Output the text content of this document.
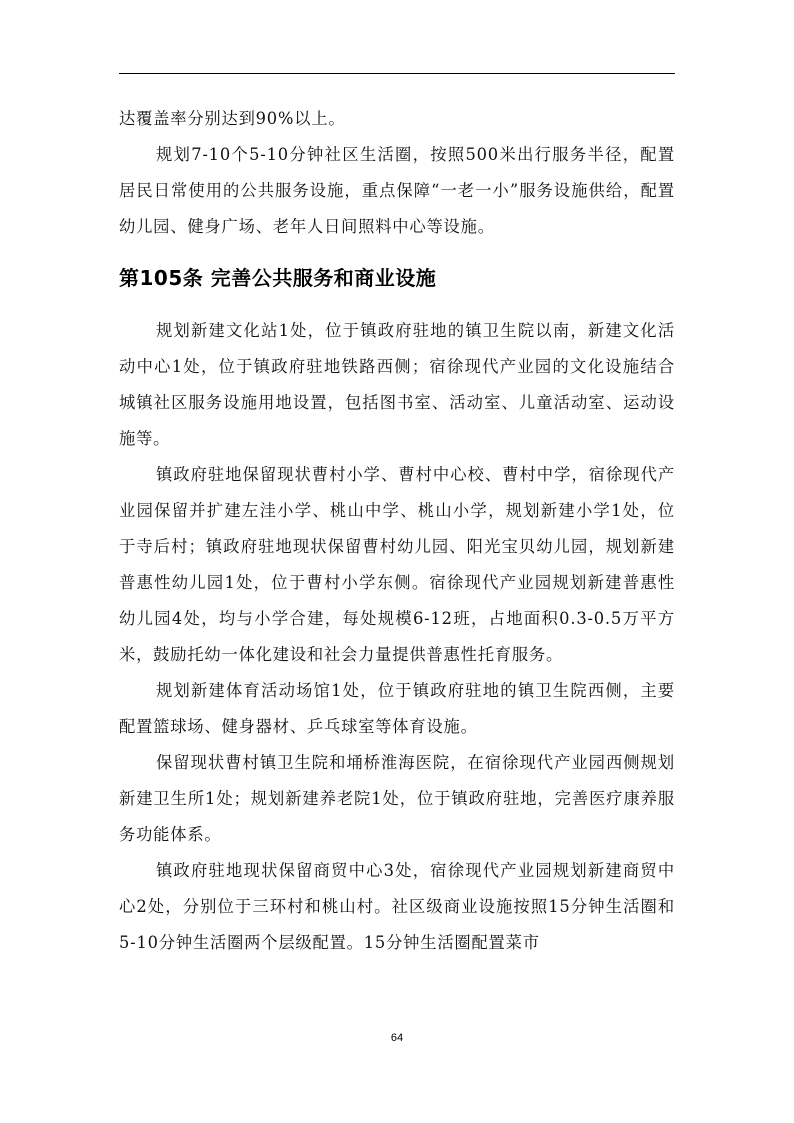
达覆盖率分别达到90%以上。

规划7-10个5-10分钟社区生活圈，按照500米出行服务半径，配置居民日常使用的公共服务设施，重点保障“一老一小”服务设施供给，配置幼儿园、健身广场、老年人日间照料中心等设施。

第105条 完善公共服务和商业设施

规划新建文化站1处，位于镇政府驻地的镇卫生院以南，新建文化活动中心1处，位于镇政府驻地铁路西侧；宿徐现代产业园的文化设施结合城镇社区服务设施用地设置，包括图书室、活动室、儿童活动室、运动设施等。

镇政府驻地保留现状曹村小学、曹村中心校、曹村中学，宿徐现代产业园保留并扩建左洼小学、桃山中学、桃山小学，规划新建小学1处，位于寺后村；镇政府驻地现状保留曹村幼儿园、阳光宝贝幼儿园，规划新建普惠性幼儿园1处，位于曹村小学东侧。宿徐现代产业园规划新建普惠性幼儿园4处，均与小学合建，每处规模6-12班，占地面积0.3-0.5万平方米，鼓励托幼一体化建设和社会力量提供普惠性托育服务。

规划新建体育活动场馆1处，位于镇政府驻地的镇卫生院西侧，主要配置篮球场、健身器材、乒乓球室等体育设施。

保留现状曹村镇卫生院和埇桥淮海医院，在宿徐现代产业园西侧规划新建卫生所1处；规划新建养老院1处，位于镇政府驻地，完善医疗康养服务功能体系。

镇政府驻地现状保留商贸中心3处，宿徐现代产业园规划新建商贸中心2处，分别位于三环村和桃山村。社区级商业设施按照15分钟生活圈和5-10分钟生活圈两个层级配置。15分钟生活圈配置菜市

64
